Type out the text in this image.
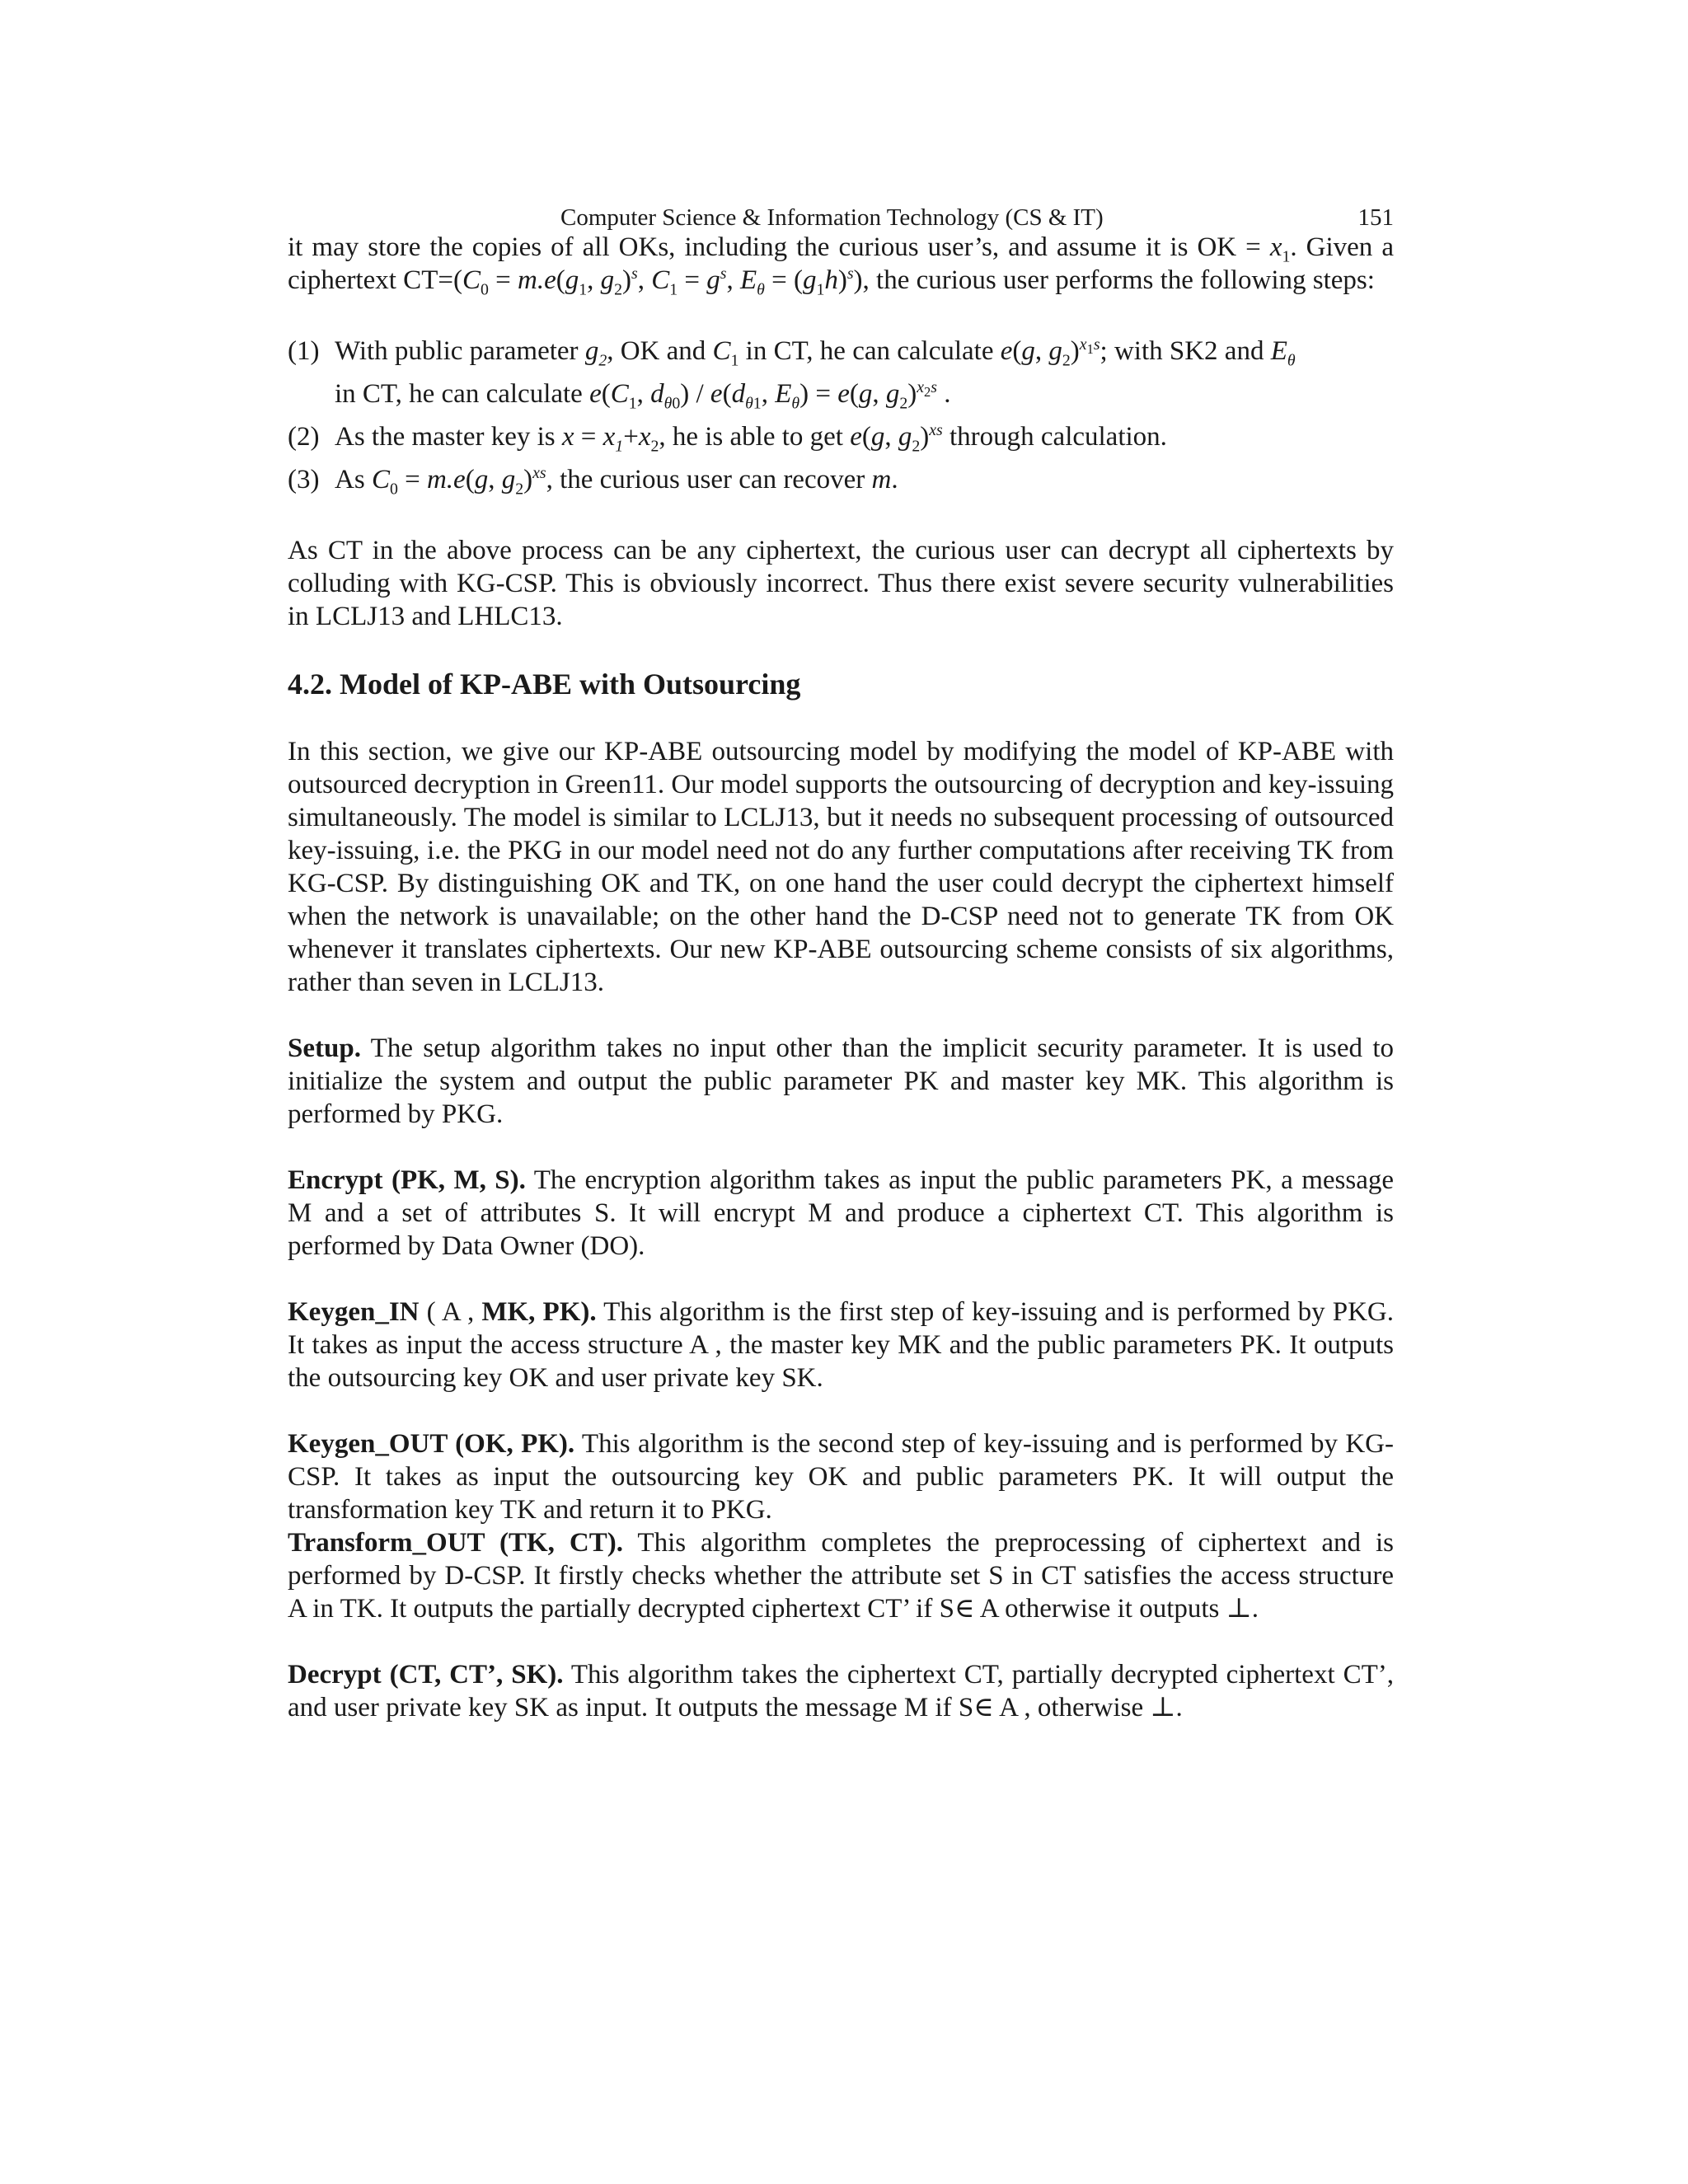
Computer Science & Information Technology (CS & IT)	151

it may store the copies of all OKs, including the curious user’s, and assume it is OK = $x_1$. Given a ciphertext $CT=(C_0 = m.e(g_1$, $g_2)^s$, $C_1 = g^s$, $E_\theta = (g_1h)^s$), the curious user performs the following steps:

(1) With public parameter $g_2$, OK and $C_1$ in CT, he can calculate e(g, $g_2)^{x_1s}$; with SK2 and $E_\theta$
in CT, he can calculate $e(C_1$, $d_{\theta 0}) / e(d_{\theta 1}$, $E_\theta) = e(g$, $g_2)^{x_2s}$ .
(2) As the master key is $x = x_1+x_2$, he is able to get e(g, $g_2)^{xs}$ through calculation.
(3) As $C_0 = m.e(g$, $g_2)^{xs}$, the curious user can recover m.

As CT in the above process can be any ciphertext, the curious user can decrypt all ciphertexts by colluding with KG-CSP. This is obviously incorrect. Thus there exist severe security vulnerabilities in LCLJ13 and LHLC13.

4.2. Model of KP-ABE with Outsourcing

In this section, we give our KP-ABE outsourcing model by modifying the model of KP-ABE with outsourced decryption in Green11. Our model supports the outsourcing of decryption and key-issuing simultaneously. The model is similar to LCLJ13, but it needs no subsequent processing of outsourced key-issuing, i.e. the PKG in our model need not do any further computations after receiving TK from KG-CSP. By distinguishing OK and TK, on one hand the user could decrypt the ciphertext himself when the network is unavailable; on the other hand the D-CSP need not to generate TK from OK whenever it translates ciphertexts. Our new KP-ABE outsourcing scheme consists of six algorithms, rather than seven in LCLJ13.

Setup. The setup algorithm takes no input other than the implicit security parameter. It is used to initialize the system and output the public parameter PK and master key MK. This algorithm is performed by PKG.

Encrypt (PK, M, S). The encryption algorithm takes as input the public parameters PK, a message M and a set of attributes S. It will encrypt M and produce a ciphertext CT. This algorithm is performed by Data Owner (DO).

Keygen_IN ( A , MK, PK). This algorithm is the first step of key-issuing and is performed by PKG. It takes as input the access structure A , the master key MK and the public parameters PK. It outputs the outsourcing key OK and user private key SK.

Keygen_OUT (OK, PK). This algorithm is the second step of key-issuing and is performed by KG-CSP. It takes as input the outsourcing key OK and public parameters PK. It will output the transformation key TK and return it to PKG.

Transform_OUT (TK, CT). This algorithm completes the preprocessing of ciphertext and is performed by D-CSP. It firstly checks whether the attribute set S in CT satisfies the access structure A in TK. It outputs the partially decrypted ciphertext CT’ if S∈ A otherwise it outputs ⊥.

Decrypt (CT, CT’, SK). This algorithm takes the ciphertext CT, partially decrypted ciphertext CT’, and user private key SK as input. It outputs the message M if S∈ A , otherwise ⊥.
